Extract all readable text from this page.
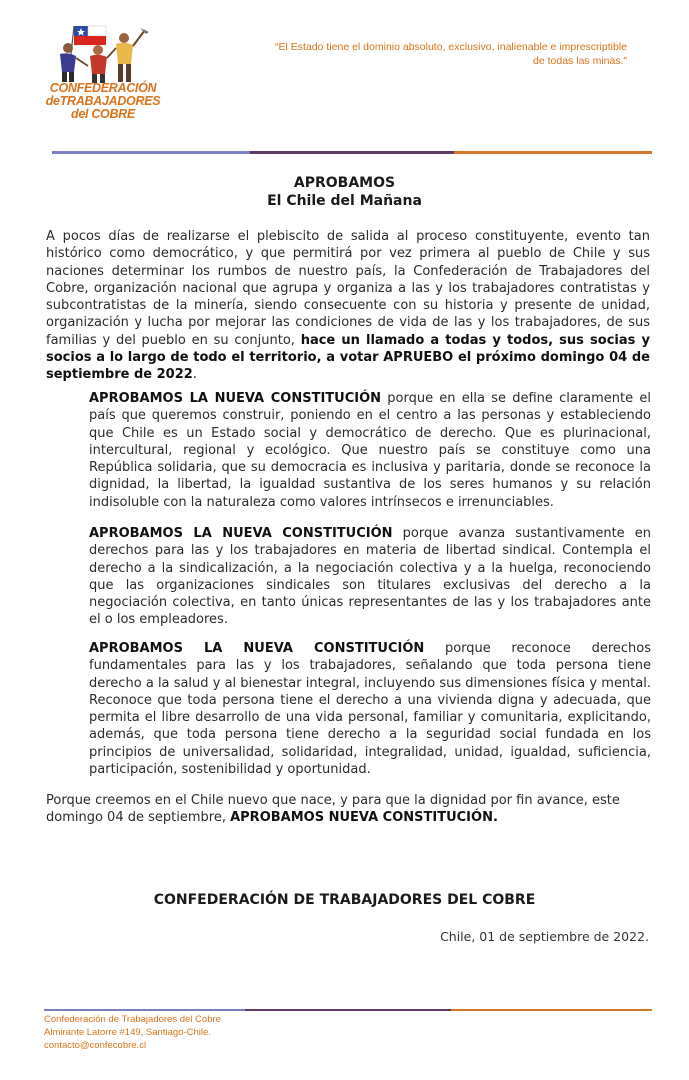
CONFEDERACIÓN
deTRABAJADORES
del COBRE
“El Estado tiene el dominio absoluto, exclusivo, inalienable e imprescriptible
de todas las minas.”
APROBAMOS
El Chile del Mañana

A pocos días de realizarse el plebiscito de salida al proceso constituyente, evento tan histórico como democrático, y que permitirá por vez primera al pueblo de Chile y sus naciones determinar los rumbos de nuestro país, la Confederación de Trabajadores del Cobre, organización nacional que agrupa y organiza a las y los trabajadores contratistas y subcontratistas de la minería, siendo consecuente con su historia y presente de unidad, organización y lucha por mejorar las condiciones de vida de las y los trabajadores, de sus familias y del pueblo en su conjunto, hace un llamado a todas y todos, sus socias y socios a lo largo de todo el territorio, a votar APRUEBO el próximo domingo 04 de septiembre de 2022.

APROBAMOS LA NUEVA CONSTITUCIÓN porque en ella se define claramente el país que queremos construir, poniendo en el centro a las personas y estableciendo que Chile es un Estado social y democrático de derecho. Que es plurinacional, intercultural, regional y ecológico. Que nuestro país se constituye como una República solidaria, que su democracia es inclusiva y paritaria, donde se reconoce la dignidad, la libertad, la igualdad sustantiva de los seres humanos y su relación indisoluble con la naturaleza como valores intrínsecos e irrenunciables.

APROBAMOS LA NUEVA CONSTITUCIÓN porque avanza sustantivamente en derechos para las y los trabajadores en materia de libertad sindical. Contempla el derecho a la sindicalización, a la negociación colectiva y a la huelga, reconociendo que las organizaciones sindicales son titulares exclusivas del derecho a la negociación colectiva, en tanto únicas representantes de las y los trabajadores ante el o los empleadores.

APROBAMOS LA NUEVA CONSTITUCIÓN porque reconoce derechos fundamentales para las y los trabajadores, señalando que toda persona tiene derecho a la salud y al bienestar integral, incluyendo sus dimensiones física y mental. Reconoce que toda persona tiene el derecho a una vivienda digna y adecuada, que permita el libre desarrollo de una vida personal, familiar y comunitaria, explicitando, además, que toda persona tiene derecho a la seguridad social fundada en los principios de universalidad, solidaridad, integralidad, unidad, igualdad, suficiencia, participación, sostenibilidad y oportunidad.

Porque creemos en el Chile nuevo que nace, y para que la dignidad por fin avance, este domingo 04 de septiembre, APROBAMOS NUEVA CONSTITUCIÓN.

CONFEDERACIÓN DE TRABAJADORES DEL COBRE
Chile, 01 de septiembre de 2022.
Confederación de Trabajadores del Cobre
Almirante Latorre #149, Santiago-Chile.
contacto@confecobre.cl
